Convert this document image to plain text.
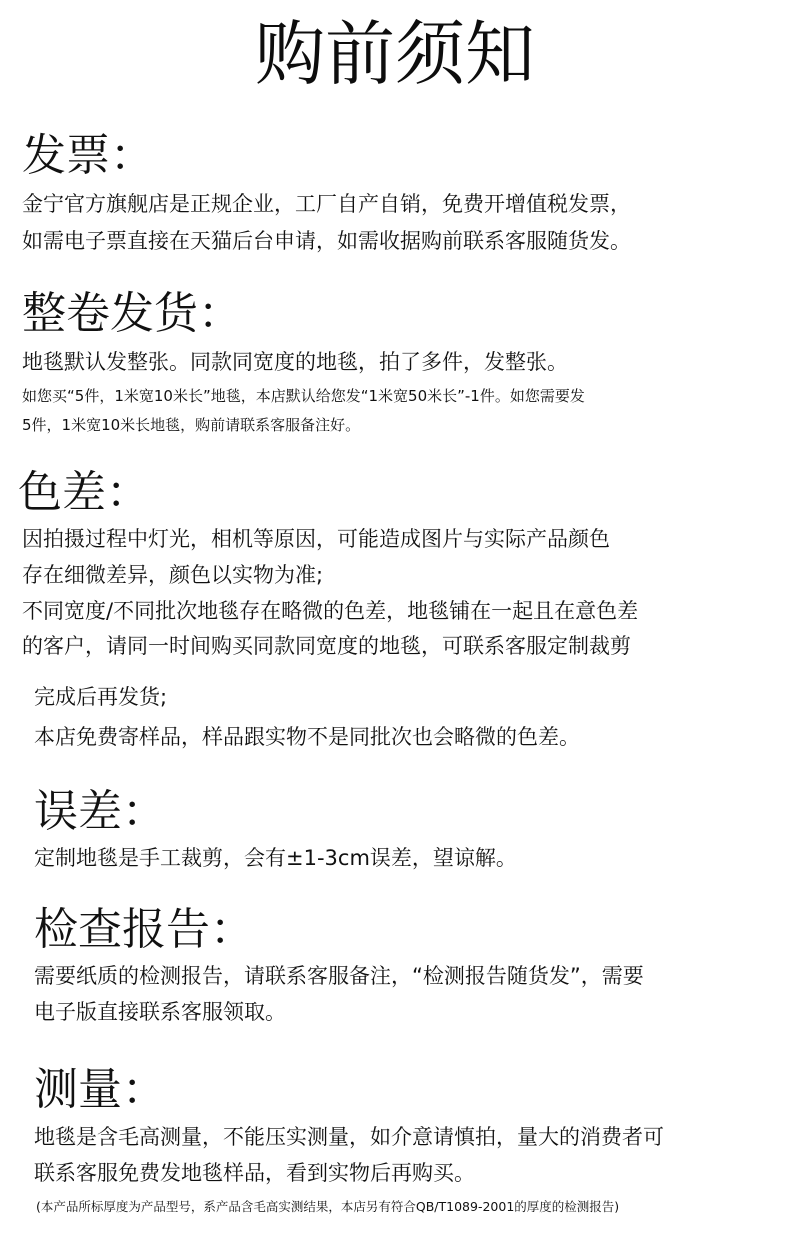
购前须知
发票：

金宁官方旗舰店是正规企业，工厂自产自销，免费开增值税发票，

如需电子票直接在天猫后台申请，如需收据购前联系客服随货发。

整卷发货：

地毯默认发整张。同款同宽度的地毯，拍了多件，发整张。

如您买“5件，1米宽10米长”地毯，本店默认给您发“1米宽50米长”-1件。如您需要发

5件，1米宽10米长地毯，购前请联系客服备注好。

色差：

因拍摄过程中灯光，相机等原因，可能造成图片与实际产品颜色

存在细微差异，颜色以实物为准;

不同宽度/不同批次地毯存在略微的色差，地毯铺在一起且在意色差

的客户，请同一时间购买同款同宽度的地毯，可联系客服定制裁剪

完成后再发货;

本店免费寄样品，样品跟实物不是同批次也会略微的色差。

误差：

定制地毯是手工裁剪，会有±1-3cm误差，望谅解。

检查报告：

需要纸质的检测报告，请联系客服备注，“检测报告随货发”，需要

电子版直接联系客服领取。

测量：

地毯是含毛高测量，不能压实测量，如介意请慎拍，量大的消费者可

联系客服免费发地毯样品，看到实物后再购买。

(本产品所标厚度为产品型号，系产品含毛高实测结果，本店另有符合QB/T1089-2001的厚度的检测报告)
